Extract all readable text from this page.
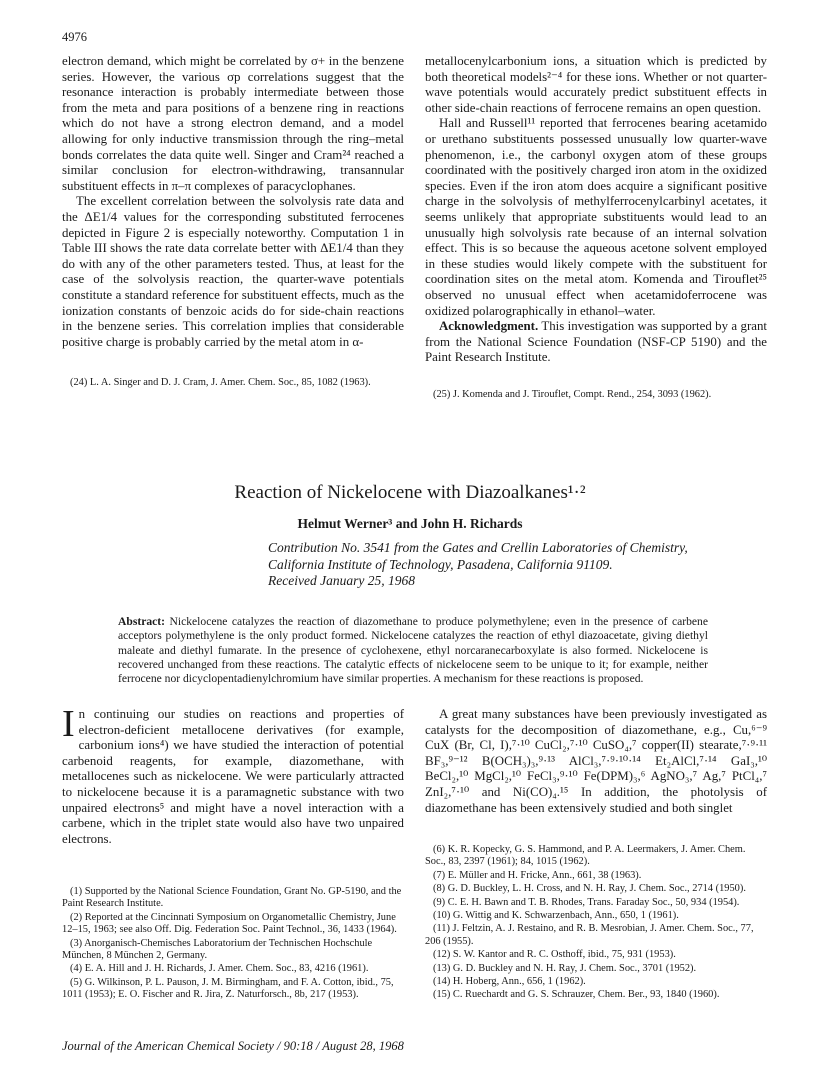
4976

electron demand, which might be correlated by σ+ in the benzene series. However, the various σp correlations suggest that the resonance interaction is probably intermediate between those from the meta and para positions of a benzene ring in reactions which do not have a strong electron demand, and a model allowing for only inductive transmission through the ring–metal bonds correlates the data quite well. Singer and Cram²⁴ reached a similar conclusion for electron-withdrawing, transannular substituent effects in π–π complexes of paracyclophanes.

The excellent correlation between the solvolysis rate data and the ΔE1/4 values for the corresponding substituted ferrocenes depicted in Figure 2 is especially noteworthy. Computation 1 in Table III shows the rate data correlate better with ΔE1/4 than they do with any of the other parameters tested. Thus, at least for the case of the solvolysis reaction, the quarter-wave potentials constitute a standard reference for substituent effects, much as the ionization constants of benzoic acids do for side-chain reactions in the benzene series. This correlation implies that considerable positive charge is probably carried by the metal atom in α-

metallocenylcarbonium ions, a situation which is predicted by both theoretical models²⁻⁴ for these ions. Whether or not quarter-wave potentials would accurately predict substituent effects in other side-chain reactions of ferrocene remains an open question.

Hall and Russell¹¹ reported that ferrocenes bearing acetamido or urethano substituents possessed unusually low quarter-wave phenomenon, i.e., the carbonyl oxygen atom of these groups coordinated with the positively charged iron atom in the oxidized species. Even if the iron atom does acquire a significant positive charge in the solvolysis of methylferrocenylcarbinyl acetates, it seems unlikely that appropriate substituents would lead to an unusually high solvolysis rate because of an internal solvation effect. This is so because the aqueous acetone solvent employed in these studies would likely compete with the substituent for coordination sites on the metal atom. Komenda and Tirouflet²⁵ observed no unusual effect when acetamidoferrocene was oxidized polarographically in ethanol–water.

Acknowledgment. This investigation was supported by a grant from the National Science Foundation (NSF-CP 5190) and the Paint Research Institute.

(24) L. A. Singer and D. J. Cram, J. Amer. Chem. Soc., 85, 1082 (1963).

(25) J. Komenda and J. Tirouflet, Compt. Rend., 254, 3093 (1962).

Reaction of Nickelocene with Diazoalkanes¹·²
Helmut Werner³ and John H. Richards
Contribution No. 3541 from the Gates and Crellin Laboratories of Chemistry,
California Institute of Technology, Pasadena, California 91109.
Received January 25, 1968
Abstract: Nickelocene catalyzes the reaction of diazomethane to produce polymethylene; even in the presence of carbene acceptors polymethylene is the only product formed. Nickelocene catalyzes the reaction of ethyl diazoacetate, giving diethyl maleate and diethyl fumarate. In the presence of cyclohexene, ethyl norcaranecarboxylate is also formed. Nickelocene is recovered unchanged from these reactions. The catalytic effects of nickelocene seem to be unique to it; for example, neither ferrocene nor dicyclopentadienylchromium have similar properties. A mechanism for these reactions is proposed.

In continuing our studies on reactions and properties of electron-deficient metallocene derivatives (for example, carbonium ions⁴) we have studied the interaction of potential carbenoid reagents, for example, diazomethane, with metallocenes such as nickelocene. We were particularly attracted to nickelocene because it is a paramagnetic substance with two unpaired electrons⁵ and might have a novel interaction with a carbene, which in the triplet state would also have two unpaired electrons.

A great many substances have been previously investigated as catalysts for the decomposition of diazomethane, e.g., Cu,⁶⁻⁹ CuX (Br, Cl, I),⁷·¹⁰ CuCl₂,⁷·¹⁰ CuSO₄,⁷ copper(II) stearate,⁷·⁹·¹¹ BF₃,⁹⁻¹² B(OCH₃)₃,⁹·¹³ AlCl₃,⁷·⁹·¹⁰·¹⁴ Et₂AlCl,⁷·¹⁴ GaI₃,¹⁰ BeCl₂,¹⁰ MgCl₂,¹⁰ FeCl₃,⁹·¹⁰ Fe(DPM)₃,⁶ AgNO₃,⁷ Ag,⁷ PtCl₄,⁷ ZnI₂,⁷·¹⁰ and Ni(CO)₄.¹⁵ In addition, the photolysis of diazomethane has been extensively studied and both singlet

(1) Supported by the National Science Foundation, Grant No. GP-5190, and the Paint Research Institute.

(2) Reported at the Cincinnati Symposium on Organometallic Chemistry, June 12–15, 1963; see also Off. Dig. Federation Soc. Paint Technol., 36, 1433 (1964).

(3) Anorganisch-Chemisches Laboratorium der Technischen Hochschule München, 8 München 2, Germany.

(4) E. A. Hill and J. H. Richards, J. Amer. Chem. Soc., 83, 4216 (1961).

(5) G. Wilkinson, P. L. Pauson, J. M. Birmingham, and F. A. Cotton, ibid., 75, 1011 (1953); E. O. Fischer and R. Jira, Z. Naturforsch., 8b, 217 (1953).

(6) K. R. Kopecky, G. S. Hammond, and P. A. Leermakers, J. Amer. Chem. Soc., 83, 2397 (1961); 84, 1015 (1962).

(7) E. Müller and H. Fricke, Ann., 661, 38 (1963).

(8) G. D. Buckley, L. H. Cross, and N. H. Ray, J. Chem. Soc., 2714 (1950).

(9) C. E. H. Bawn and T. B. Rhodes, Trans. Faraday Soc., 50, 934 (1954).

(10) G. Wittig and K. Schwarzenbach, Ann., 650, 1 (1961).

(11) J. Feltzin, A. J. Restaino, and R. B. Mesrobian, J. Amer. Chem. Soc., 77, 206 (1955).

(12) S. W. Kantor and R. C. Osthoff, ibid., 75, 931 (1953).

(13) G. D. Buckley and N. H. Ray, J. Chem. Soc., 3701 (1952).

(14) H. Hoberg, Ann., 656, 1 (1962).

(15) C. Ruechardt and G. S. Schrauzer, Chem. Ber., 93, 1840 (1960).

Journal of the American Chemical Society / 90:18 / August 28, 1968
